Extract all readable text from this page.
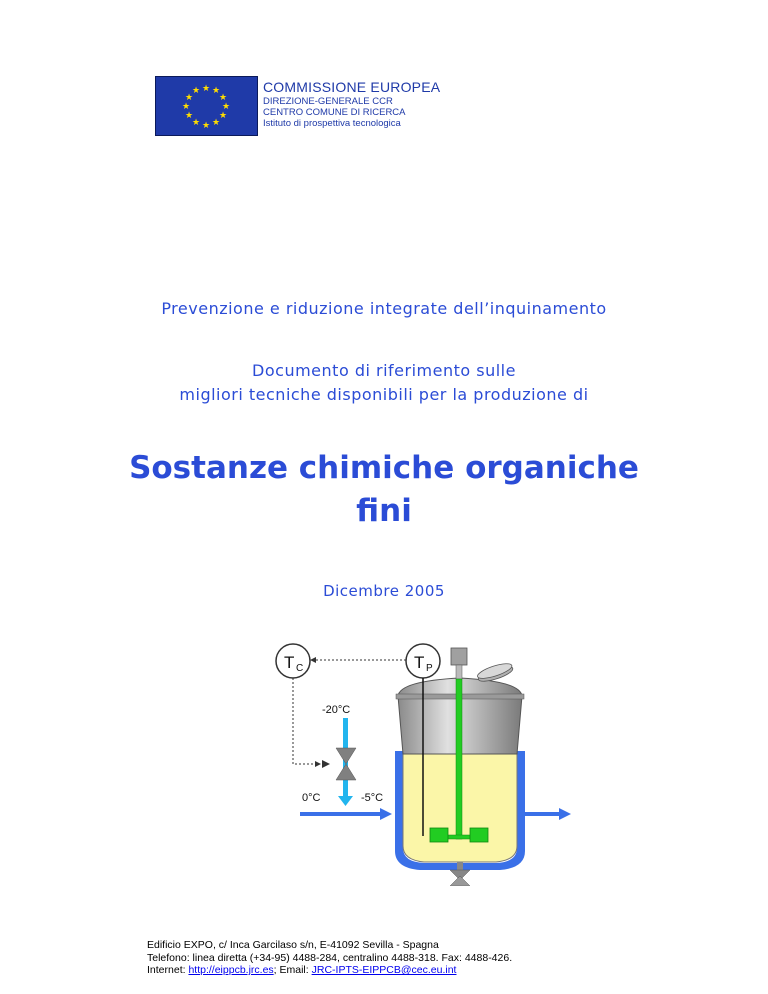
★ ★
★
★
★
★
★
★
★
★
★
★	COMMISSIONE EUROPEA
DIREZIONE-GENERALE CCR
CENTRO COMUNE DI RICERCA
Istituto di prospettiva tecnologica
Prevenzione e riduzione integrate dell’inquinamento
Documento di riferimento sulle
migliori tecniche disponibili per la produzione di
Sostanze chimiche organiche
fini
Dicembre 2005
T C	T P
-20°C
0°C	-5°C
Edificio EXPO, c/ Inca Garcilaso s/n, E-41092 Sevilla - Spagna
Telefono: linea diretta (+34-95) 4488-284, centralino 4488-318. Fax: 4488-426.
Internet: http://eippcb.jrc.es; Email: JRC-IPTS-EIPPCB@cec.eu.int
